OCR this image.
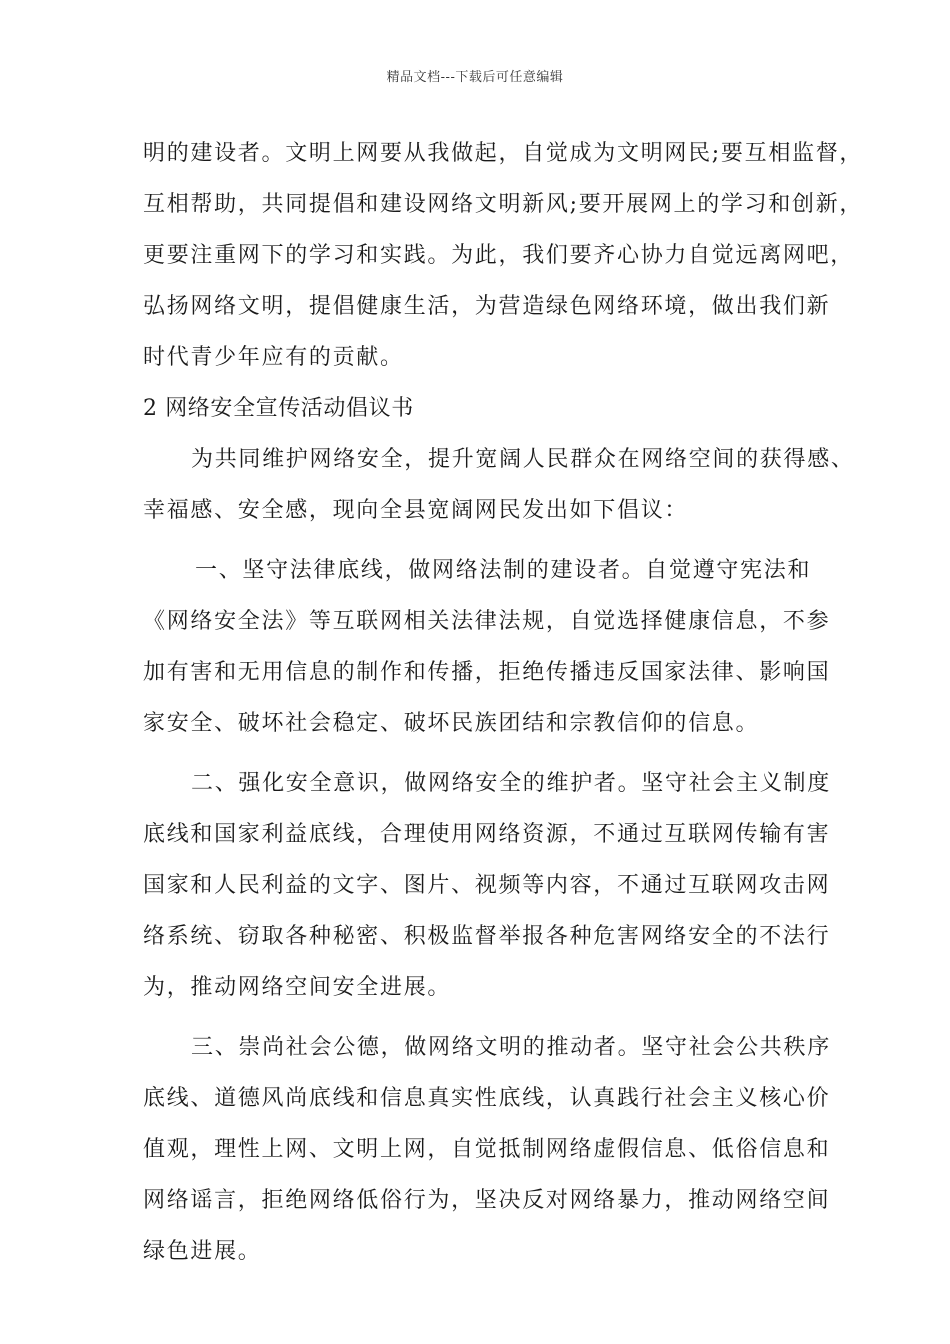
精品文档---下载后可任意编辑
明的建设者。文明上网要从我做起，自觉成为文明网民;要互相监督，
互相帮助，共同提倡和建设网络文明新风;要开展网上的学习和创新，
更要注重网下的学习和实践。为此，我们要齐心协力自觉远离网吧，
弘扬网络文明，提倡健康生活，为营造绿色网络环境，做出我们新
时代青少年应有的贡献。
2 网络安全宣传活动倡议书
为共同维护网络安全，提升宽阔人民群众在网络空间的获得感、
幸福感、安全感，现向全县宽阔网民发出如下倡议：
一、坚守法律底线，做网络法制的建设者。自觉遵守宪法和
《网络安全法》等互联网相关法律法规，自觉选择健康信息，不参
加有害和无用信息的制作和传播，拒绝传播违反国家法律、影响国
家安全、破坏社会稳定、破坏民族团结和宗教信仰的信息。
二、强化安全意识，做网络安全的维护者。坚守社会主义制度
底线和国家利益底线，合理使用网络资源，不通过互联网传输有害
国家和人民利益的文字、图片、视频等内容，不通过互联网攻击网
络系统、窃取各种秘密、积极监督举报各种危害网络安全的不法行
为，推动网络空间安全进展。
三、崇尚社会公德，做网络文明的推动者。坚守社会公共秩序
底线、道德风尚底线和信息真实性底线，认真践行社会主义核心价
值观，理性上网、文明上网，自觉抵制网络虚假信息、低俗信息和
网络谣言，拒绝网络低俗行为，坚决反对网络暴力，推动网络空间
绿色进展。
